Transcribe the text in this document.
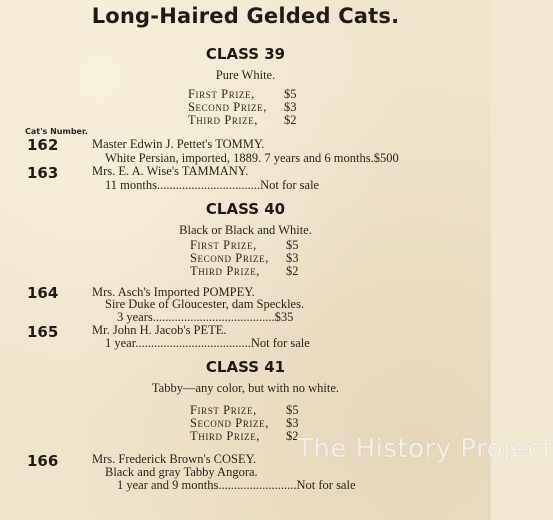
Long-Haired Gelded Cats.
CLASS 39
Pure White.
First Prize, $5
Second Prize, $3
Third Prize, $2
Cat's Number.
162	Master Edwin J. Pettet's TOMMY.
White Persian, imported, 1889. 7 years and 6 months.$500
163	Mrs. E. A. Wise's TAMMANY.
11 months.................................Not for sale
CLASS 40
Black or Black and White.
First Prize, $5
Second Prize, $3
Third Prize, $2
164	Mrs. Asch's Imported POMPEY.
Sire Duke of Gloucester, dam Speckles.
3 years.......................................$35
165	Mr. John H. Jacob's PETE.
1 year.....................................Not for sale
CLASS 41
Tabby—any color, but with no white.
First Prize, $5
Second Prize, $3
Third Prize, $2
166	Mrs. Frederick Brown's COSEY.
Black and gray Tabby Angora.
1 year and 9 months.........................Not for sale
The History Project
